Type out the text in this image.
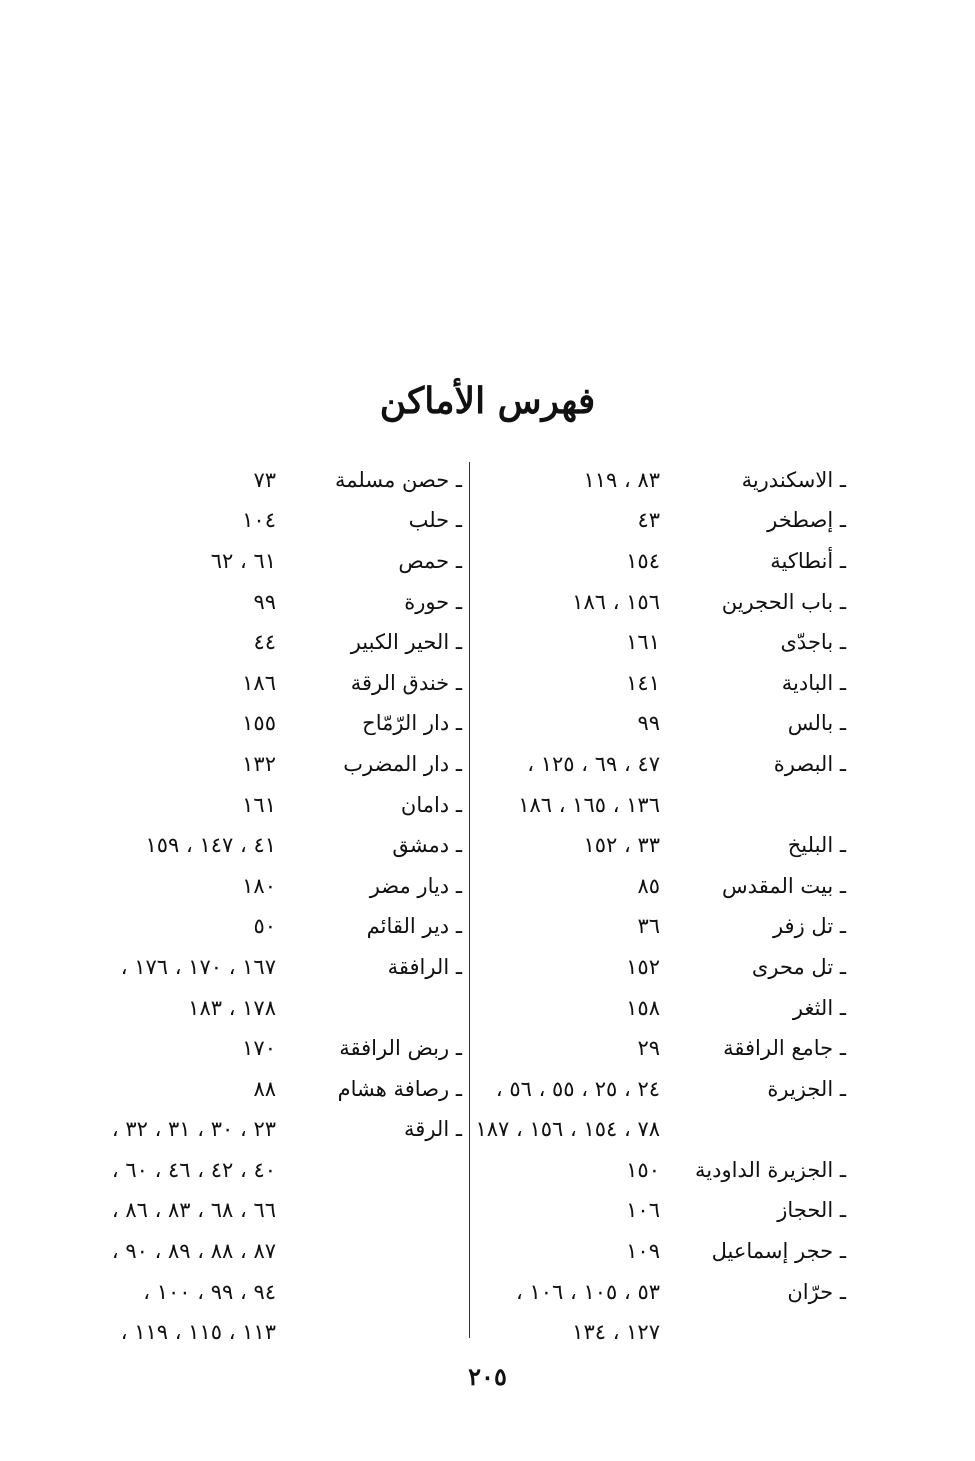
فهرس الأماكن
ـ الاسكندرية
٨٣ ، ١١٩
ـ إصطخر
٤٣
ـ أنطاكية
١٥٤
ـ باب الحجرين
١٥٦ ، ١٨٦
ـ باجدّى
١٦١
ـ البادية
١٤١
ـ بالس
٩٩
ـ البصرة
٤٧ ، ٦٩ ، ١٢٥ ،
١٣٦ ، ١٦٥ ، ١٨٦
ـ البليخ
٣٣ ، ١٥٢
ـ بيت المقدس
٨٥
ـ تل زفر
٣٦
ـ تل محرى
١٥٢
ـ الثغر
١٥٨
ـ جامع الرافقة
٢٩
ـ الجزيرة
٢٤ ، ٢٥ ، ٥٥ ، ٥٦ ،
٧٨ ، ١٥٤ ، ١٥٦ ، ١٨٧
ـ الجزيرة الداودية
١٥٠
ـ الحجاز
١٠٦
ـ حجر إسماعيل
١٠٩
ـ حرّان
٥٣ ، ١٠٥ ، ١٠٦ ،
١٢٧ ، ١٣٤
ـ حصن مسلمة
٧٣
ـ حلب
١٠٤
ـ حمص
٦١ ، ٦٢
ـ حورة
٩٩
ـ الحير الكبير
٤٤
ـ خندق الرقة
١٨٦
ـ دار الرّمّاح
١٥٥
ـ دار المضرب
١٣٢
ـ دامان
١٦١
ـ دمشق
٤١ ، ١٤٧ ، ١٥٩
ـ ديار مضر
١٨٠
ـ دير القائم
٥٠
ـ الرافقة
١٦٧ ، ١٧٠ ، ١٧٦ ،
١٧٨ ، ١٨٣
ـ ربض الرافقة
١٧٠
ـ رصافة هشام
٨٨
ـ الرقة
٢٣ ، ٣٠ ، ٣١ ، ٣٢ ،
٤٠ ، ٤٢ ، ٤٦ ، ٦٠ ،
٦٦ ، ٦٨ ، ٨٣ ، ٨٦ ،
٨٧ ، ٨٨ ، ٨٩ ، ٩٠ ،
٩٤ ، ٩٩ ، ١٠٠ ،
١١٣ ، ١١٥ ، ١١٩ ،
٢٠٥
